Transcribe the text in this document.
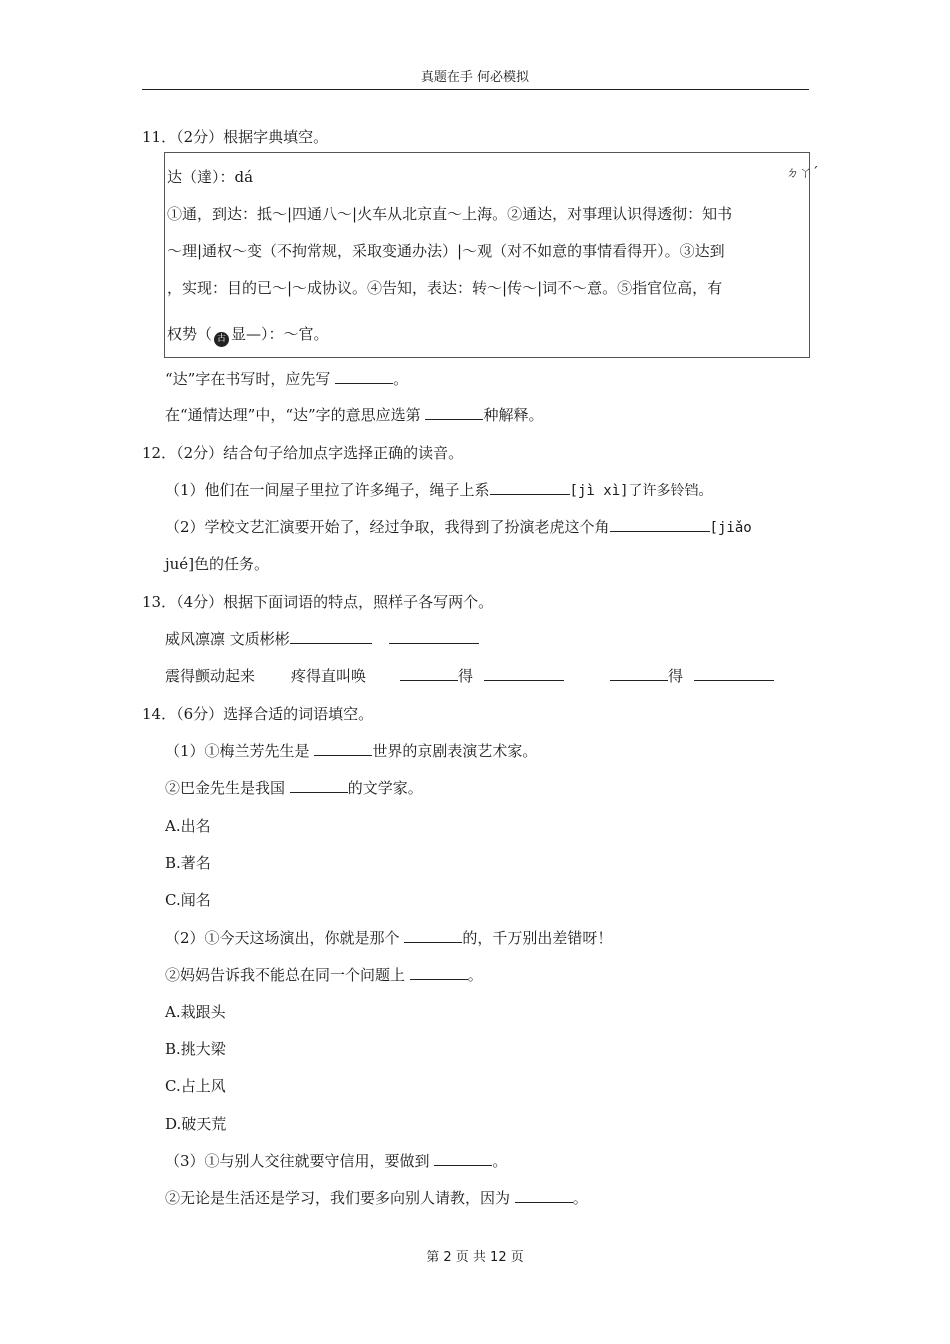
真题在手 何必模拟
11．（2分）根据字典填空。
达（達）：dá	ㄉㄚˊ
①通，到达：抵～|四通八～|火车从北京直～上海。②通达，对事理认识得透彻：知书
～理|通权～变（不拘常规，采取变通办法）|～观（对不如意的事情看得开）。③达到
，实现：目的已～|～成协议。④告知，表达：转～|传～|词不～意。⑤指官位高，有
权势（ 古 显—）：～官。
“达”字在书写时，应先写	。
在“通情达理”中，“达”字的意思应选第	种解释。
12．（2分）结合句子给加点字选择正确的读音。
（1）他们在一间屋子里拉了许多绳子，绳子上系	[jì xì]了许多铃铛。
（2）学校文艺汇演要开始了，经过争取，我得到了扮演老虎这个角	[jiǎo
jué]色的任务。
13．（4分）根据下面词语的特点，照样子各写两个。
威风凛凛 文质彬彬
震得颤动起来 疼得直叫唤	得	得
14．（6分）选择合适的词语填空。
（1）①梅兰芳先生是	世界的京剧表演艺术家。
②巴金先生是我国	的文学家。
A.出名
B.著名
C.闻名
（2）①今天这场演出，你就是那个	的，千万别出差错呀！
②妈妈告诉我不能总在同一个问题上	。
A.栽跟头
B.挑大梁
C.占上风
D.破天荒
（3）①与别人交往就要守信用，要做到	。
②无论是生活还是学习，我们要多向别人请教，因为	。
第 2 页 共 12 页
